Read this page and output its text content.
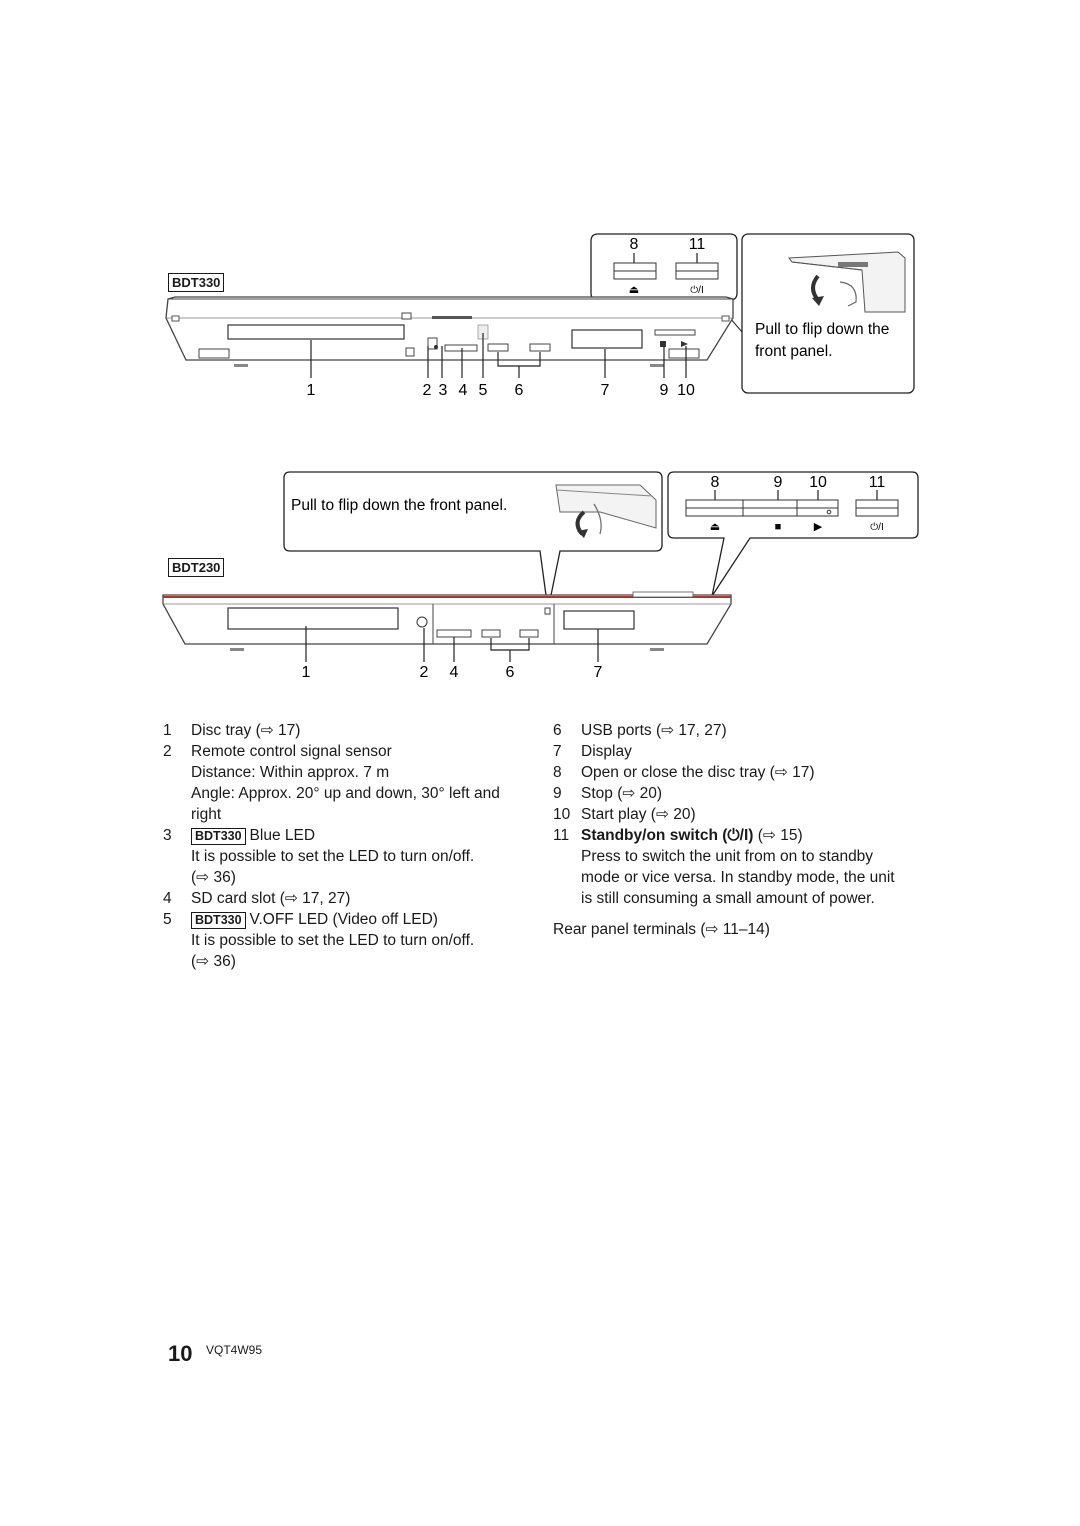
BDT330
8	11
⏏	⏻/I
Pull to flip down the
front panel.
1	2 3 4 5 6	7	9 10
Pull to flip down the front panel.
8	9 10	11
⏏	■	▶	⏻/I
1	2 4	6	7
BDT230
1 Disc tray (⇨ 17)
2 Remote control signal sensor
Distance: Within approx. 7 m
Angle: Approx. 20° up and down, 30° left and
right
3 BDT330 Blue LED
It is possible to set the LED to turn on/off.
(⇨ 36)
4 SD card slot (⇨ 17, 27)
5 BDT330 V.OFF LED (Video off LED)
It is possible to set the LED to turn on/off.
(⇨ 36)
6 USB ports (⇨ 17, 27)
7 Display
8 Open or close the disc tray (⇨ 17)
9 Stop (⇨ 20)
10 Start play (⇨ 20)
11 Standby/on switch (⏻/I) (⇨ 15)
Press to switch the unit from on to standby
mode or vice versa. In standby mode, the unit
is still consuming a small amount of power.
Rear panel terminals (⇨ 11–14)
10 VQT4W95
